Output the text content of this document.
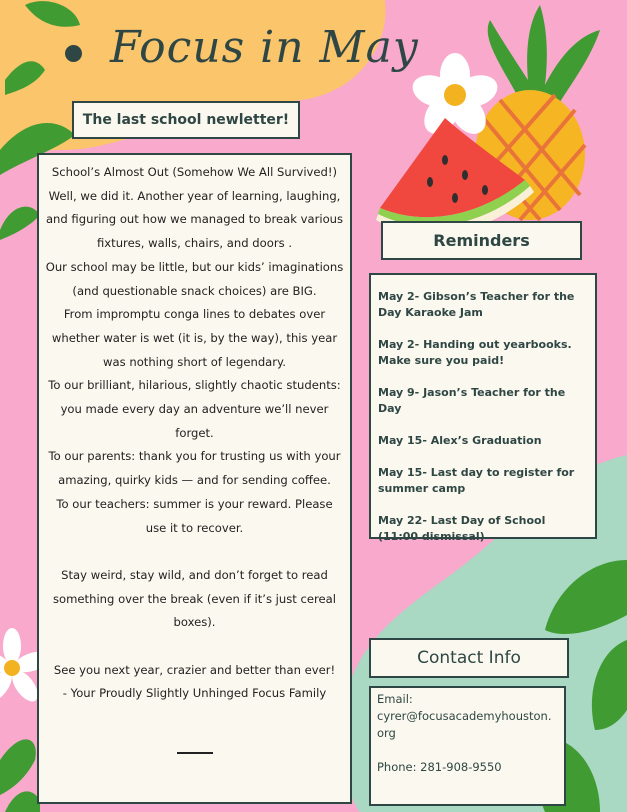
Focus in May
The last school newletter!

School’s Almost Out (Somehow We All Survived!)

Well, we did it. Another year of learning, laughing, and figuring out how we managed to break various fixtures, walls, chairs, and doors .

Our school may be little, but our kids’ imaginations (and questionable snack choices) are BIG.

From impromptu conga lines to debates over whether water is wet (it is, by the way), this year was nothing short of legendary.

To our brilliant, hilarious, slightly chaotic students: you made every day an adventure we’ll never forget.

To our parents: thank you for trusting us with your amazing, quirky kids — and for sending coffee.

To our teachers: summer is your reward. Please use it to recover.

Stay weird, stay wild, and don’t forget to read something over the break (even if it’s just cereal boxes).

See you next year, crazier and better than ever!

- Your Proudly Slightly Unhinged Focus Family

Reminders
May 2- Gibson’s Teacher for the Day Karaoke Jam
May 2- Handing out yearbooks. Make sure you paid!
May 9- Jason’s Teacher for the Day
May 15- Alex’s Graduation
May 15- Last day to register for summer camp
May 22- Last Day of School (11:00 dismissal)
Contact Info
Email:
cyrer@focusacademyhouston.org
Phone: 281-908-9550
